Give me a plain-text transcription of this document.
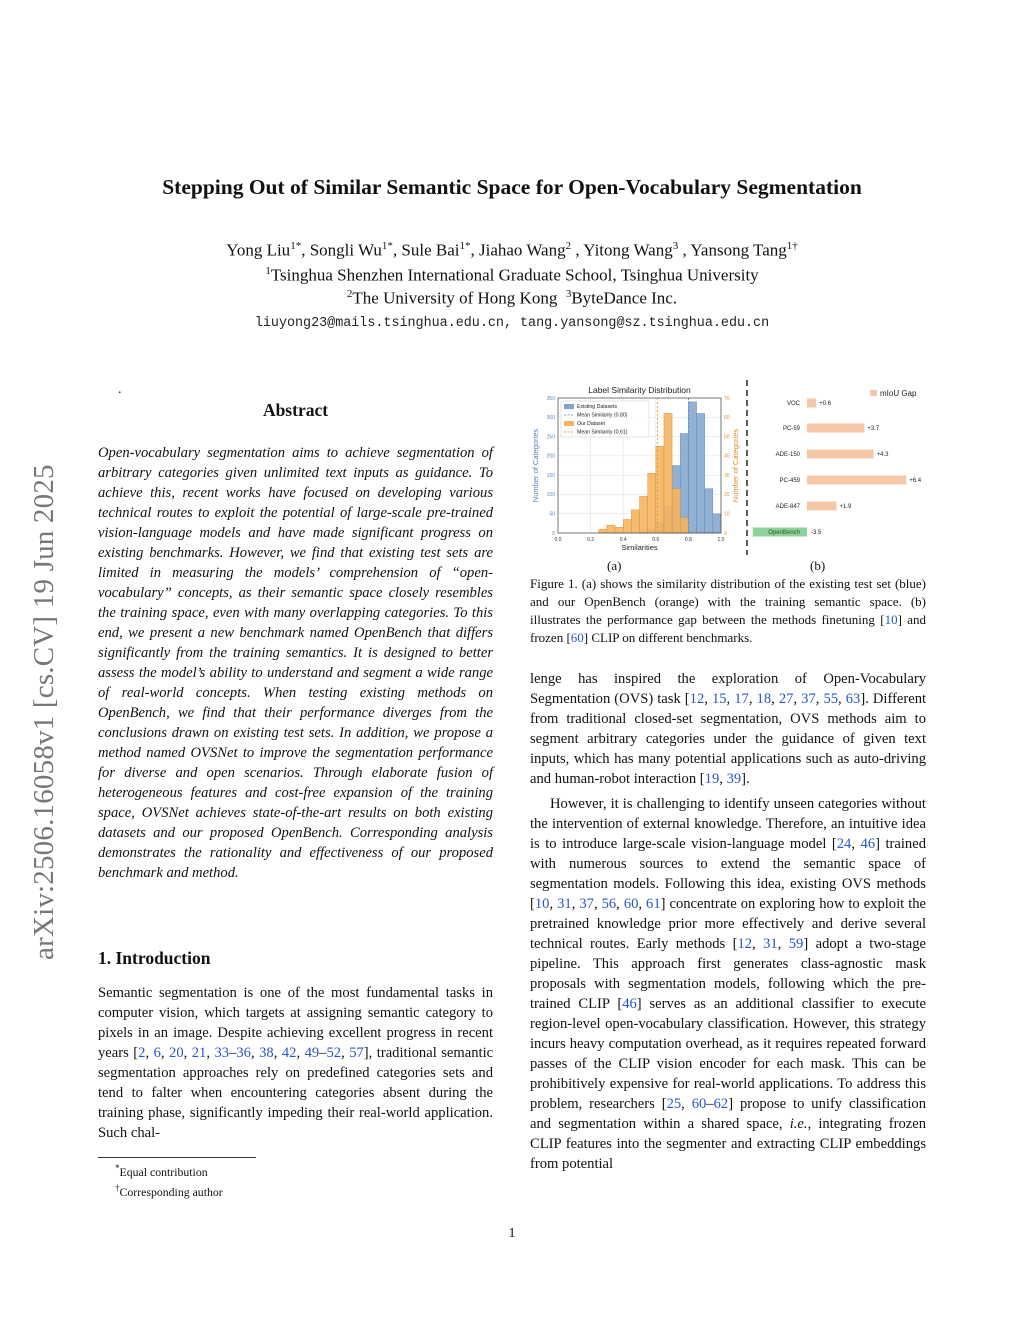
arXiv:2506.16058v1 [cs.CV] 19 Jun 2025
Stepping Out of Similar Semantic Space for Open-Vocabulary Segmentation
Yong Liu$^{1*}$, Songli $Wu^{1*}$, Sule Bai$^{1*}$, Jiahao Wang$^2$ , Yitong Wang$^3$ , Yansong Tang$^{1\dagger}$
$^1$Tsinghua Shenzhen International Graduate School, Tsinghua University
$^2$The University of Hong Kong $^3$ByteDance Inc.
liuyong23@mails.tsinghua.edu.cn, tang.yansong@sz.tsinghua.edu.cn
.
Abstract

Open-vocabulary segmentation aims to achieve segmentation of arbitrary categories given unlimited text inputs as guidance. To achieve this, recent works have focused on developing various technical routes to exploit the potential of large-scale pre-trained vision-language models and have made significant progress on existing benchmarks. However, we find that existing test sets are limited in measuring the models’ comprehension of “open-vocabulary” concepts, as their semantic space closely resembles the training space, even with many overlapping categories. To this end, we present a new benchmark named OpenBench that differs significantly from the training semantics. It is designed to better assess the model’s ability to understand and segment a wide range of real-world concepts. When testing existing methods on OpenBench, we find that their performance diverges from the conclusions drawn on existing test sets. In addition, we propose a method named OVSNet to improve the segmentation performance for diverse and open scenarios. Through elaborate fusion of heterogeneous features and cost-free expansion of the training space, OVSNet achieves state-of-the-art results on both existing datasets and our proposed OpenBench. Corresponding analysis demonstrates the rationality and effectiveness of our proposed benchmark and method.

1. Introduction

Semantic segmentation is one of the most fundamental tasks in computer vision, which targets at assigning semantic category to pixels in an image. Despite achieving excellent progress in recent years [2, 6, 20, 21, 33–36, 38, 42, 49–52, 57], traditional semantic segmentation approaches rely on predefined categories sets and tend to falter when encountering categories absent during the training phase, significantly impeding their real-world application. Such chal-

*Equal contribution
†Corresponding author
Label Similarity Distribution
0.0	0.2	0.4	0.6	0.8	1.0
0
50
100
150
200
250
300
350
0
10
20
30
40
50
60
70
Similarities
Number of Categories	Number of Categories
Existing Datasets
Mean Similarity (0.80)
Our Dataset
Mean Similarity (0.61)
VOC	+0.6
PC-59	+3.7
ADE-150	+4.3
PC-459	+6.4
ADE-847	+1.9
OpenBench -3.5
mIoU Gap
(a)	(b)

Figure 1. (a) shows the similarity distribution of the existing test set (blue) and our OpenBench (orange) with the training semantic space. (b) illustrates the performance gap between the methods finetuning [10] and frozen [60] CLIP on different benchmarks.

lenge has inspired the exploration of Open-Vocabulary Segmentation (OVS) task [12, 15, 17, 18, 27, 37, 55, 63]. Different from traditional closed-set segmentation, OVS methods aim to segment arbitrary categories under the guidance of given text inputs, which has many potential applications such as auto-driving and human-robot interaction [19, 39].

However, it is challenging to identify unseen categories without the intervention of external knowledge. Therefore, an intuitive idea is to introduce large-scale vision-language model [24, 46] trained with numerous sources to extend the semantic space of segmentation models. Following this idea, existing OVS methods [10, 31, 37, 56, 60, 61] concentrate on exploring how to exploit the pretrained knowledge prior more effectively and derive several technical routes. Early methods [12, 31, 59] adopt a two-stage pipeline. This approach first generates class-agnostic mask proposals with segmentation models, following which the pre-trained CLIP [46] serves as an additional classifier to execute region-level open-vocabulary classification. However, this strategy incurs heavy computation overhead, as it requires repeated forward passes of the CLIP vision encoder for each mask. This can be prohibitively expensive for real-world applications. To address this problem, researchers [25, 60–62] propose to unify classification and segmentation within a shared space, i.e., integrating frozen CLIP features into the segmenter and extracting CLIP embeddings from potential

1
